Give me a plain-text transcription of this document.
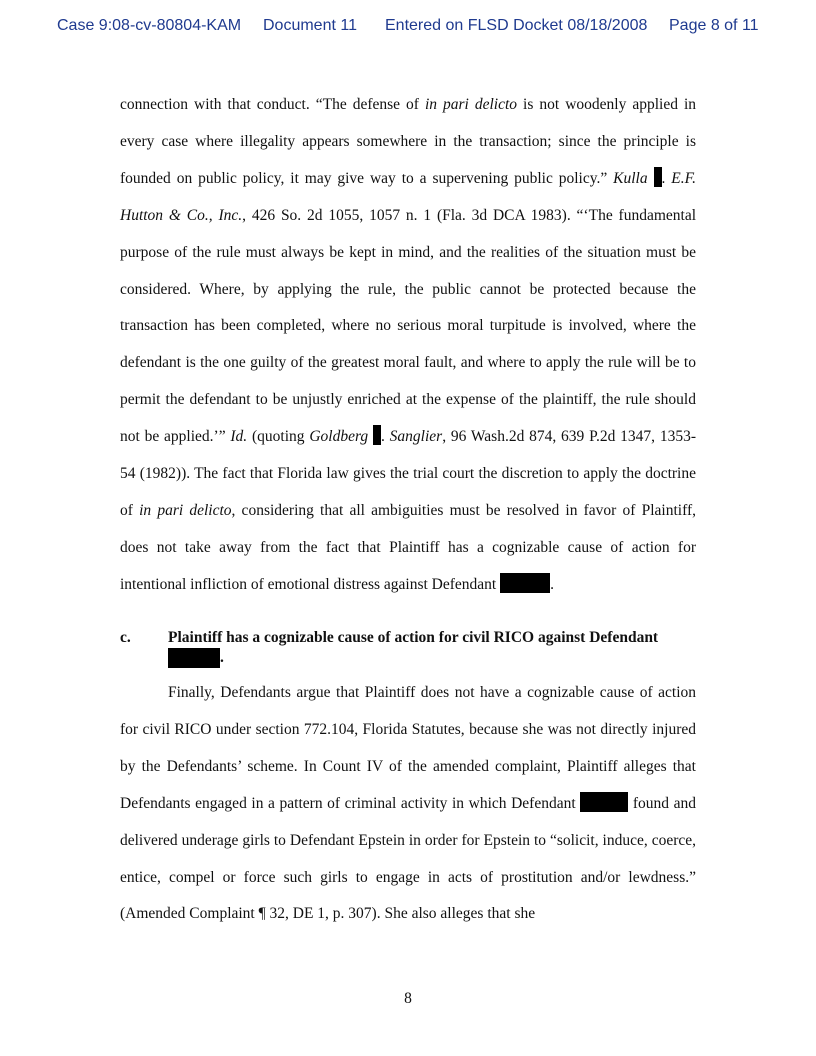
Case 9:08-cv-80804-KAM Document 11 Entered on FLSD Docket 08/18/2008 Page 8 of 11

connection with that conduct. “The defense of in pari delicto is not woodenly applied in every case where illegality appears somewhere in the transaction; since the principle is founded on public policy, it may give way to a supervening public policy.” Kulla . E.F. Hutton & Co., Inc., 426 So. 2d 1055, 1057 n. 1 (Fla. 3d DCA 1983). “‘The fundamental purpose of the rule must always be kept in mind, and the realities of the situation must be considered. Where, by applying the rule, the public cannot be protected because the transaction has been completed, where no serious moral turpitude is involved, where the defendant is the one guilty of the greatest moral fault, and where to apply the rule will be to permit the defendant to be unjustly enriched at the expense of the plaintiff, the rule should not be applied.’” Id. (quoting Goldberg . Sanglier, 96 Wash.2d 874, 639 P.2d 1347, 1353-54 (1982)). The fact that Florida law gives the trial court the discretion to apply the doctrine of in pari delicto, considering that all ambiguities must be resolved in favor of Plaintiff, does not take away from the fact that Plaintiff has a cognizable cause of action for intentional infliction of emotional distress against Defendant	.

c. Plaintiff has a cognizable cause of action for civil RICO against Defendant
.

Finally, Defendants argue that Plaintiff does not have a cognizable cause of action for civil RICO under section 772.104, Florida Statutes, because she was not directly injured by the Defendants’ scheme. In Count IV of the amended complaint, Plaintiff alleges that Defendants engaged in a pattern of criminal activity in which Defendant	found and delivered underage girls to Defendant Epstein in order for Epstein to “solicit, induce, coerce, entice, compel or force such girls to engage in acts of prostitution and/or lewdness.” (Amended Complaint ¶ 32, DE 1, p. 307). She also alleges that she

8
